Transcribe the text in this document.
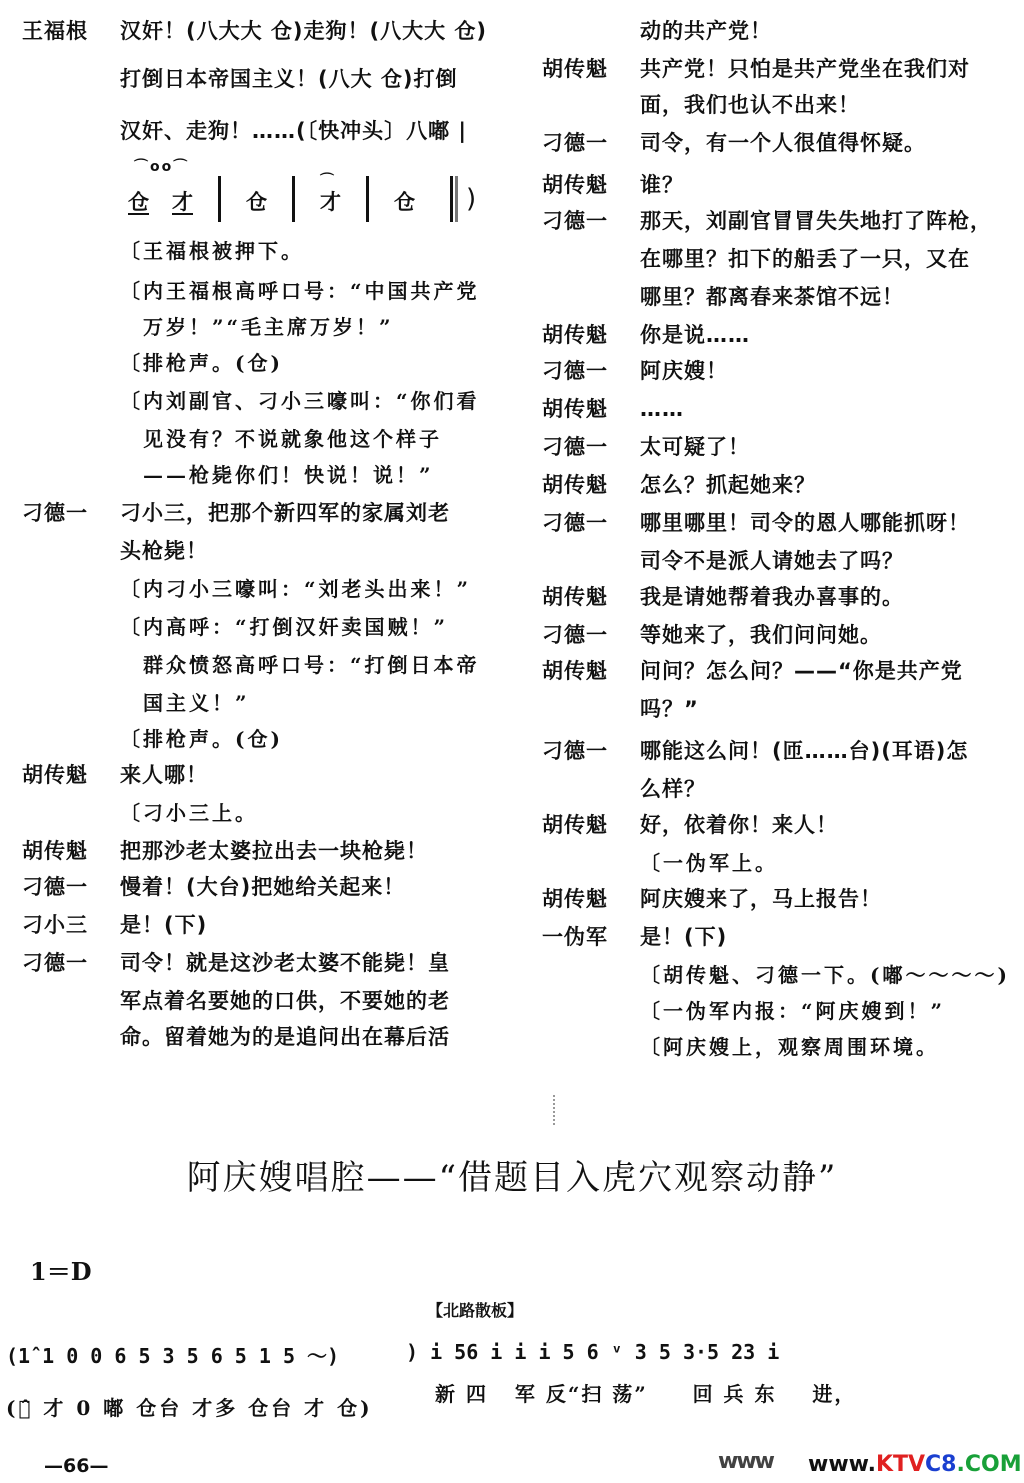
王福根 汉奸！(八大大 仓)走狗！(八大大 仓)
打倒日本帝国主义！(八大 仓)打倒
汉奸、走狗！……(〔快冲头〕八嘟 |
〔王福根被押下。
〔内王福根高呼口号：“中国共产党
　万岁！”“毛主席万岁！”
〔排枪声。(仓)
〔内刘副官、刁小三嚎叫：“你们看
　见没有？不说就象他这个样子
　——枪毙你们！快说！说！”
刁德一 刁小三，把那个新四军的家属刘老
头枪毙！
〔内刁小三嚎叫：“刘老头出来！”
〔内高呼：“打倒汉奸卖国贼！”
　群众愤怒高呼口号：“打倒日本帝
　国主义！”
〔排枪声。(仓)
胡传魁 来人哪！
〔刁小三上。
胡传魁 把那沙老太婆拉出去一块枪毙！
刁德一 慢着！(大台)把她给关起来！
刁小三 是！(下)
刁德一 司令！就是这沙老太婆不能毙！皇
军点着名要她的口供，不要她的老
命。留着她为的是追问出在幕后活
动的共产党！
胡传魁 共产党！只怕是共产党坐在我们对
面，我们也认不出来！
刁德一 司令，有一个人很值得怀疑。
胡传魁 谁？
刁德一 那天，刘副官冒冒失失地打了阵枪，
在哪里？扣下的船丢了一只，又在
哪里？都离春来茶馆不远！
胡传魁 你是说……
刁德一 阿庆嫂！
胡传魁 ……
刁德一 太可疑了！
胡传魁 怎么？抓起她来？
刁德一 哪里哪里！司令的恩人哪能抓呀！
司令不是派人请她去了吗？
胡传魁 我是请她帮着我办喜事的。
刁德一 等她来了，我们问问她。
胡传魁 问问？怎么问？——“你是共产党
吗？”
刁德一 哪能这么问！(匝……台)(耳语)怎
么样？
胡传魁 好，依着你！来人！
〔一伪军上。
胡传魁 阿庆嫂来了，马上报告！
一伪军 是！(下)
〔胡传魁、刁德一下。(嘟～～～～)
〔一伪军内报：“阿庆嫂到！”
〔阿庆嫂上，观察周围环境。
⌒oo⌒
仓 才	仓
⌒
才	仓 )
阿庆嫂唱腔——“借题目入虎穴观察动静”
1＝D
【北路散板】
(1̂ 1 0 0 6 5 3 5 6 5 1 5 ～)
(仓̂ 才 0 嘟 仓台 才多 仓台 才 仓)
) i 56 i i i 5 6 ᵛ 3 5 3·5 23 i
新 四   军 反“扫 荡”     回 兵 东    进，
—66—	www www.KTVC8.COM
